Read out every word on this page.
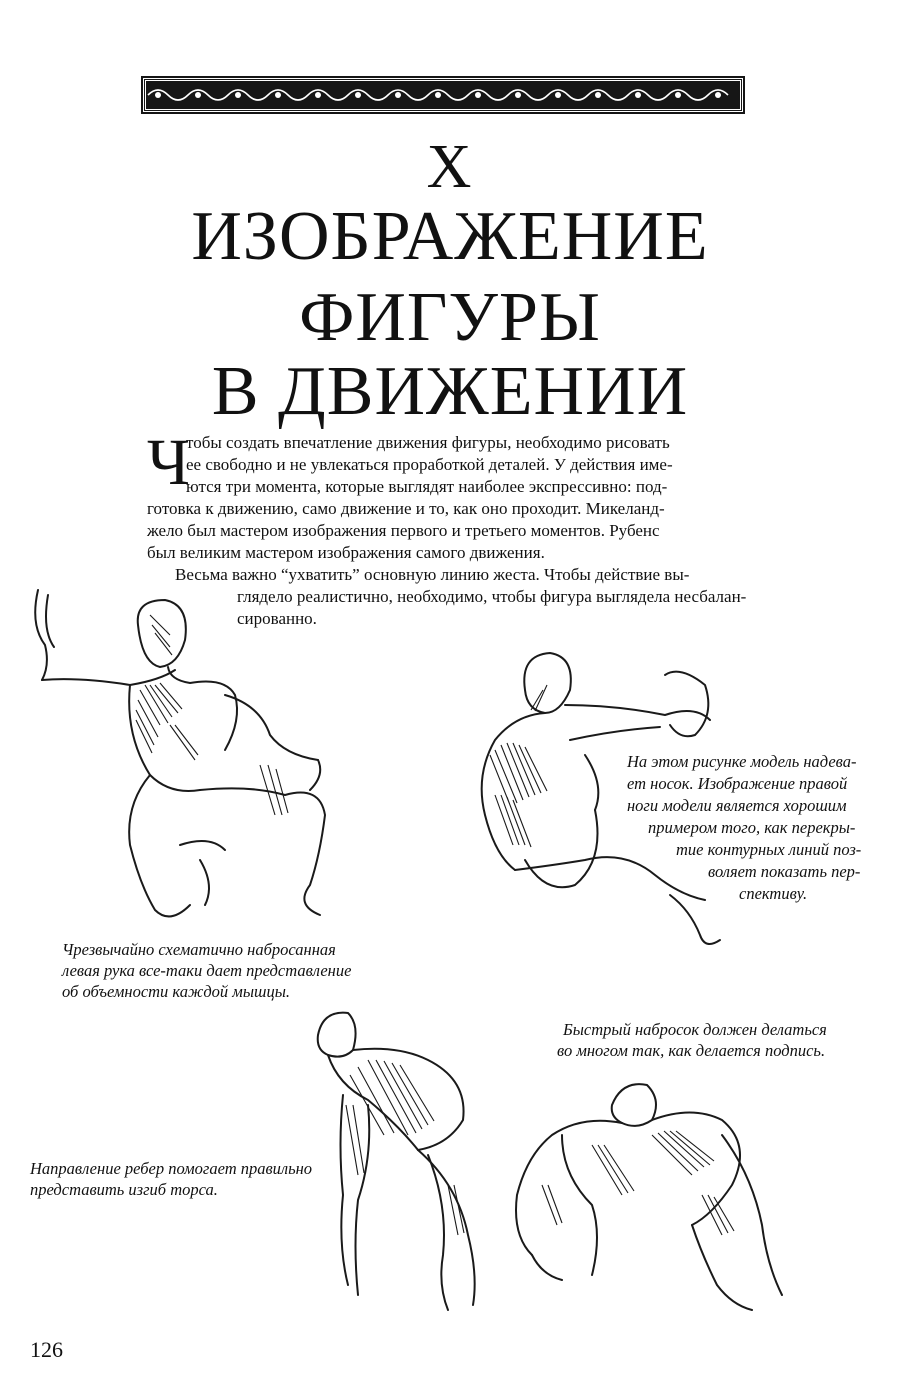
X
ИЗОБРАЖЕНИЕ
ФИГУРЫ
В ДВИЖЕНИИ
Ч
тобы создать впечатление движения фигуры, необходимо рисовать
ее свободно и не увлекаться проработкой деталей. У действия име-
ются три момента, которые выглядят наиболее экспрессивно: под-
готовка к движению, само движение и то, как оно проходит. Микеланд-
жело был мастером изображения первого и третьего моментов. Рубенс
был великим мастером изображения самого движения.
Весьма важно “ухватить” основную линию жеста. Чтобы действие вы-
глядело реалистично, необходимо, чтобы фигура выглядела несбалан-
сированно.
На этом рисунке модель надева-
ет носок. Изображение правой
ноги модели является хорошим
примером того, как перекры-
тие контурных линий поз-
воляет показать пер-
спективу.
Чрезвычайно схематично набросанная
левая рука все-таки дает представление
об объемности каждой мышцы.
Быстрый набросок должен делаться
во многом так, как делается подпись.
Направление ребер помогает правильно
представить изгиб торса.
126
